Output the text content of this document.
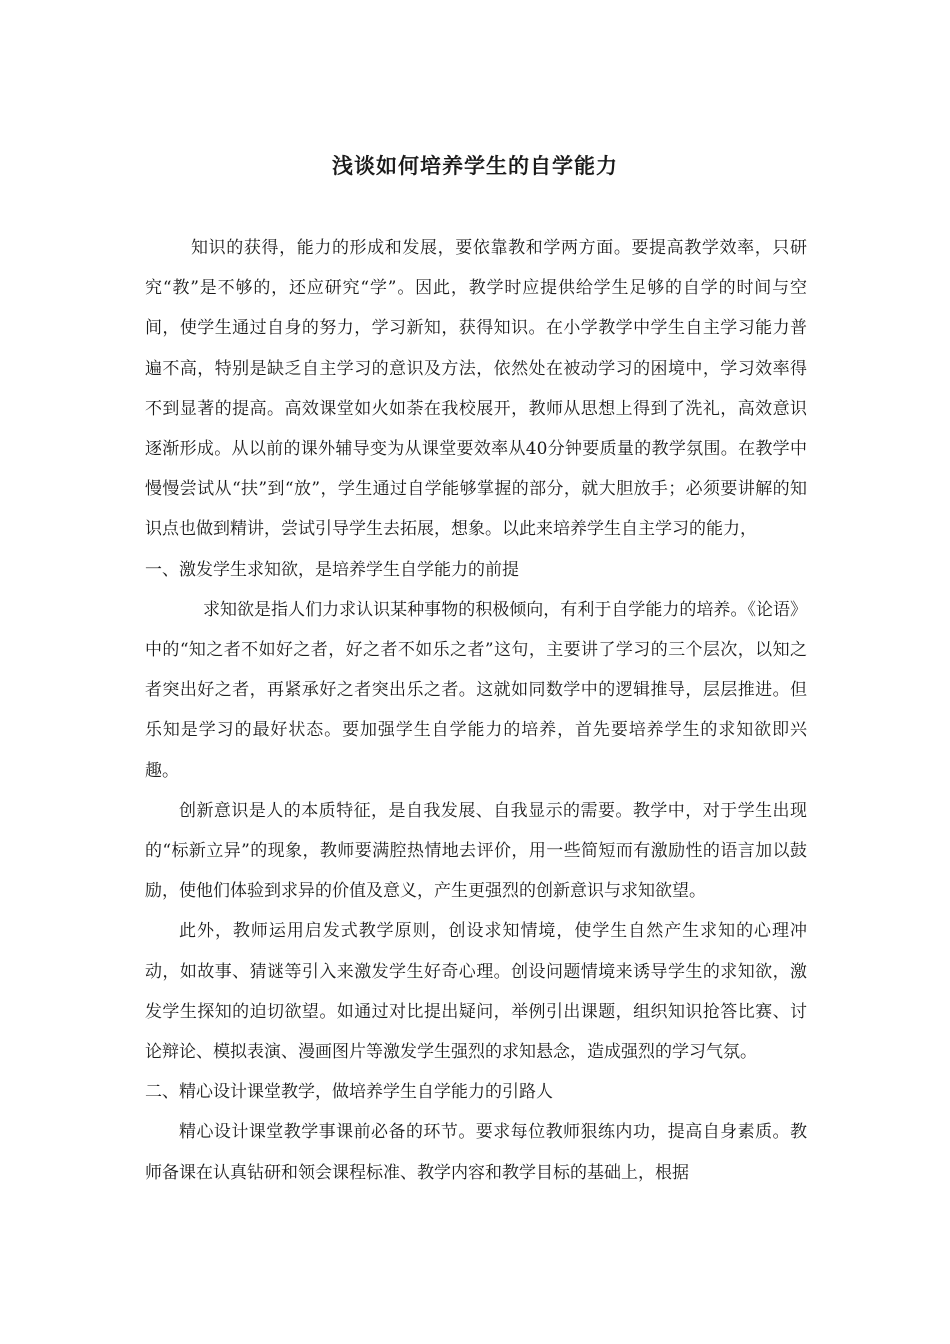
浅谈如何培养学生的自学能力

知识的获得，能力的形成和发展，要依靠教和学两方面。要提高教学效率，只研究“教”是不够的，还应研究“学”。因此，教学时应提供给学生足够的自学的时间与空间，使学生通过自身的努力，学习新知，获得知识。在小学教学中学生自主学习能力普遍不高，特别是缺乏自主学习的意识及方法，依然处在被动学习的困境中，学习效率得不到显著的提高。高效课堂如火如荼在我校展开，教师从思想上得到了洗礼，高效意识逐渐形成。从以前的课外辅导变为从课堂要效率从40分钟要质量的教学氛围。在教学中慢慢尝试从“扶”到“放”，学生通过自学能够掌握的部分，就大胆放手；必须要讲解的知识点也做到精讲，尝试引导学生去拓展，想象。以此来培养学生自主学习的能力，

一、激发学生求知欲，是培养学生自学能力的前提

求知欲是指人们力求认识某种事物的积极倾向，有利于自学能力的培养。《论语》中的“知之者不如好之者，好之者不如乐之者”这句，主要讲了学习的三个层次，以知之者突出好之者，再紧承好之者突出乐之者。这就如同数学中的逻辑推导，层层推进。但乐知是学习的最好状态。要加强学生自学能力的培养，首先要培养学生的求知欲即兴趣。

创新意识是人的本质特征，是自我发展、自我显示的需要。教学中，对于学生出现的“标新立异”的现象，教师要满腔热情地去评价，用一些简短而有激励性的语言加以鼓励，使他们体验到求异的价值及意义，产生更强烈的创新意识与求知欲望。

此外，教师运用启发式教学原则，创设求知情境，使学生自然产生求知的心理冲动，如故事、猜谜等引入来激发学生好奇心理。创设问题情境来诱导学生的求知欲，激发学生探知的迫切欲望。如通过对比提出疑问，举例引出课题，组织知识抢答比赛、讨论辩论、模拟表演、漫画图片等激发学生强烈的求知悬念，造成强烈的学习气氛。

二、精心设计课堂教学，做培养学生自学能力的引路人

精心设计课堂教学事课前必备的环节。要求每位教师狠练内功，提高自身素质。教师备课在认真钻研和领会课程标准、教学内容和教学目标的基础上，根据
